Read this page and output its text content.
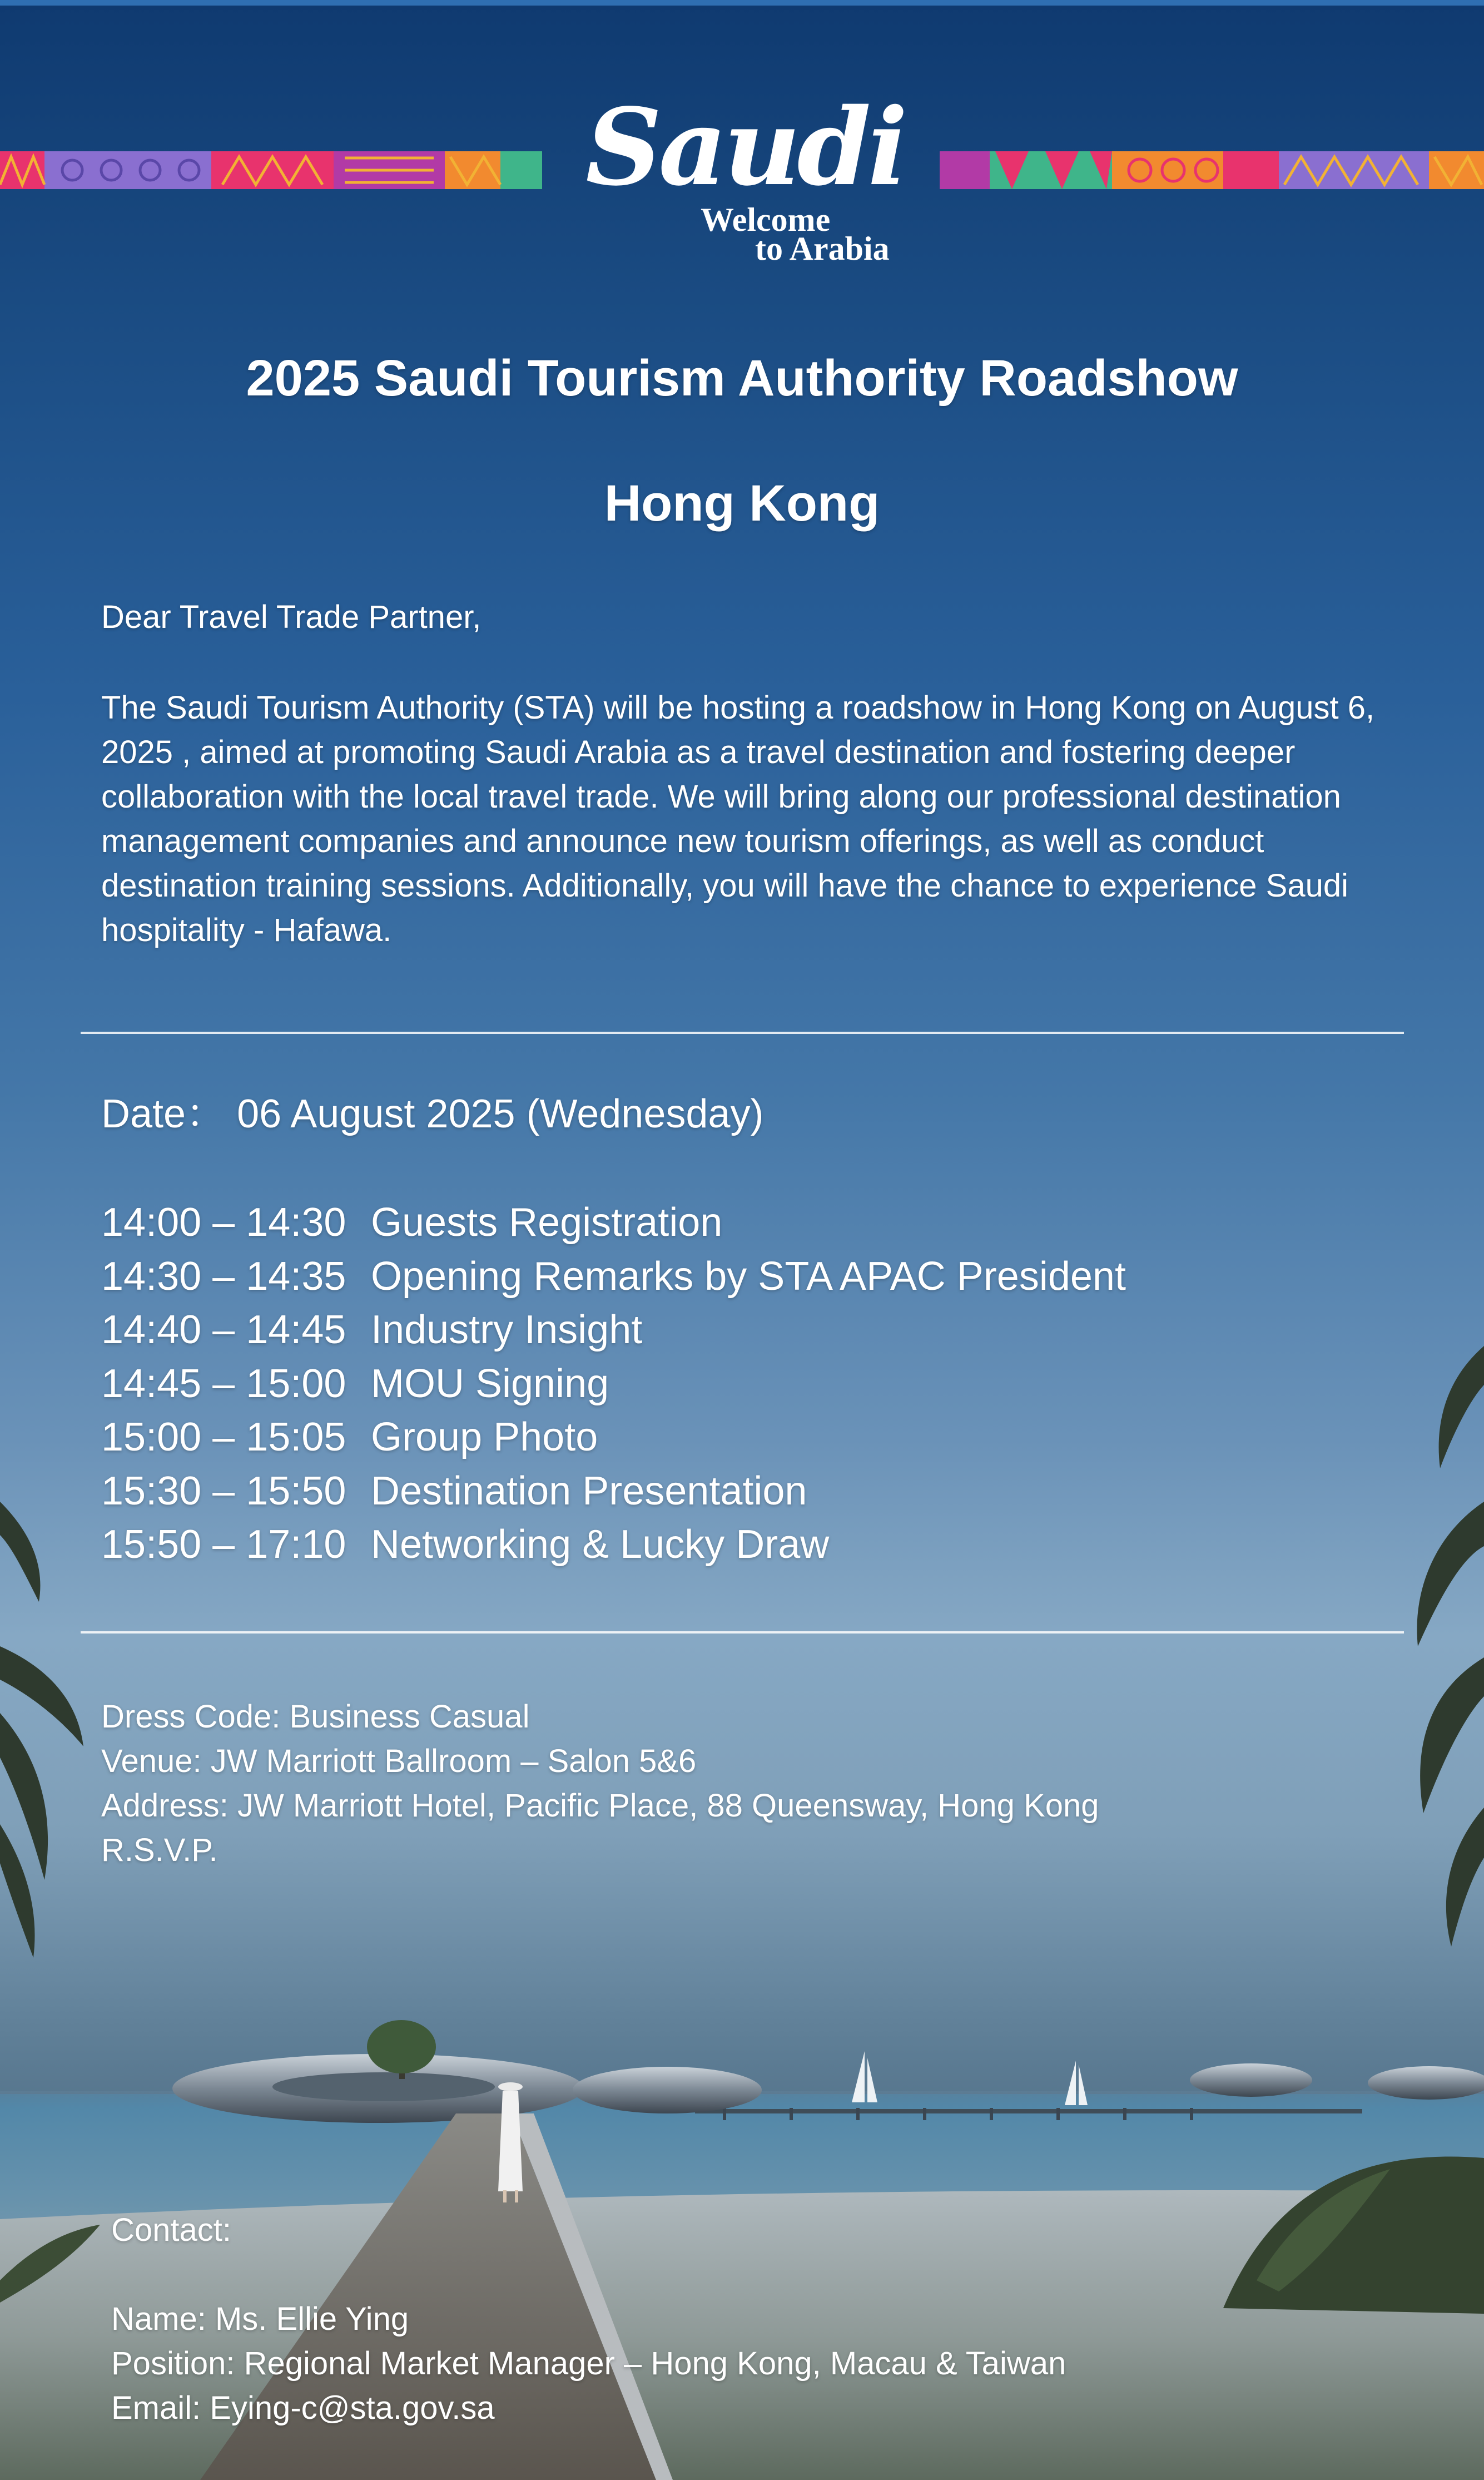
Saudi
Welcome
to Arabia
2025 Saudi Tourism Authority Roadshow
Hong Kong
Dear Travel Trade Partner,
The Saudi Tourism Authority (STA) will be hosting a roadshow in Hong Kong on August 6, 2025 , aimed at promoting Saudi Arabia as a travel destination and fostering deeper collaboration with the local travel trade. We will bring along our professional destination management companies and announce new tourism offerings, as well as conduct destination training sessions. Additionally, you will have the chance to experience Saudi hospitality - Hafawa.
Date： 06 August 2025 (Wednesday)
14:00 – 14:30 Guests Registration
14:30 – 14:35 Opening Remarks by STA APAC President
14:40 – 14:45 Industry Insight
14:45 – 15:00 MOU Signing
15:00 – 15:05 Group Photo
15:30 – 15:50 Destination Presentation
15:50 – 17:10 Networking & Lucky Draw
Dress Code: Business Casual
Venue: JW Marriott Ballroom – Salon 5&6
Address: JW Marriott Hotel, Pacific Place, 88 Queensway, Hong Kong
R.S.V.P.
Contact:
Name: Ms. Ellie Ying
Position: Regional Market Manager – Hong Kong, Macau & Taiwan
Email: Eying-c@sta.gov.sa
